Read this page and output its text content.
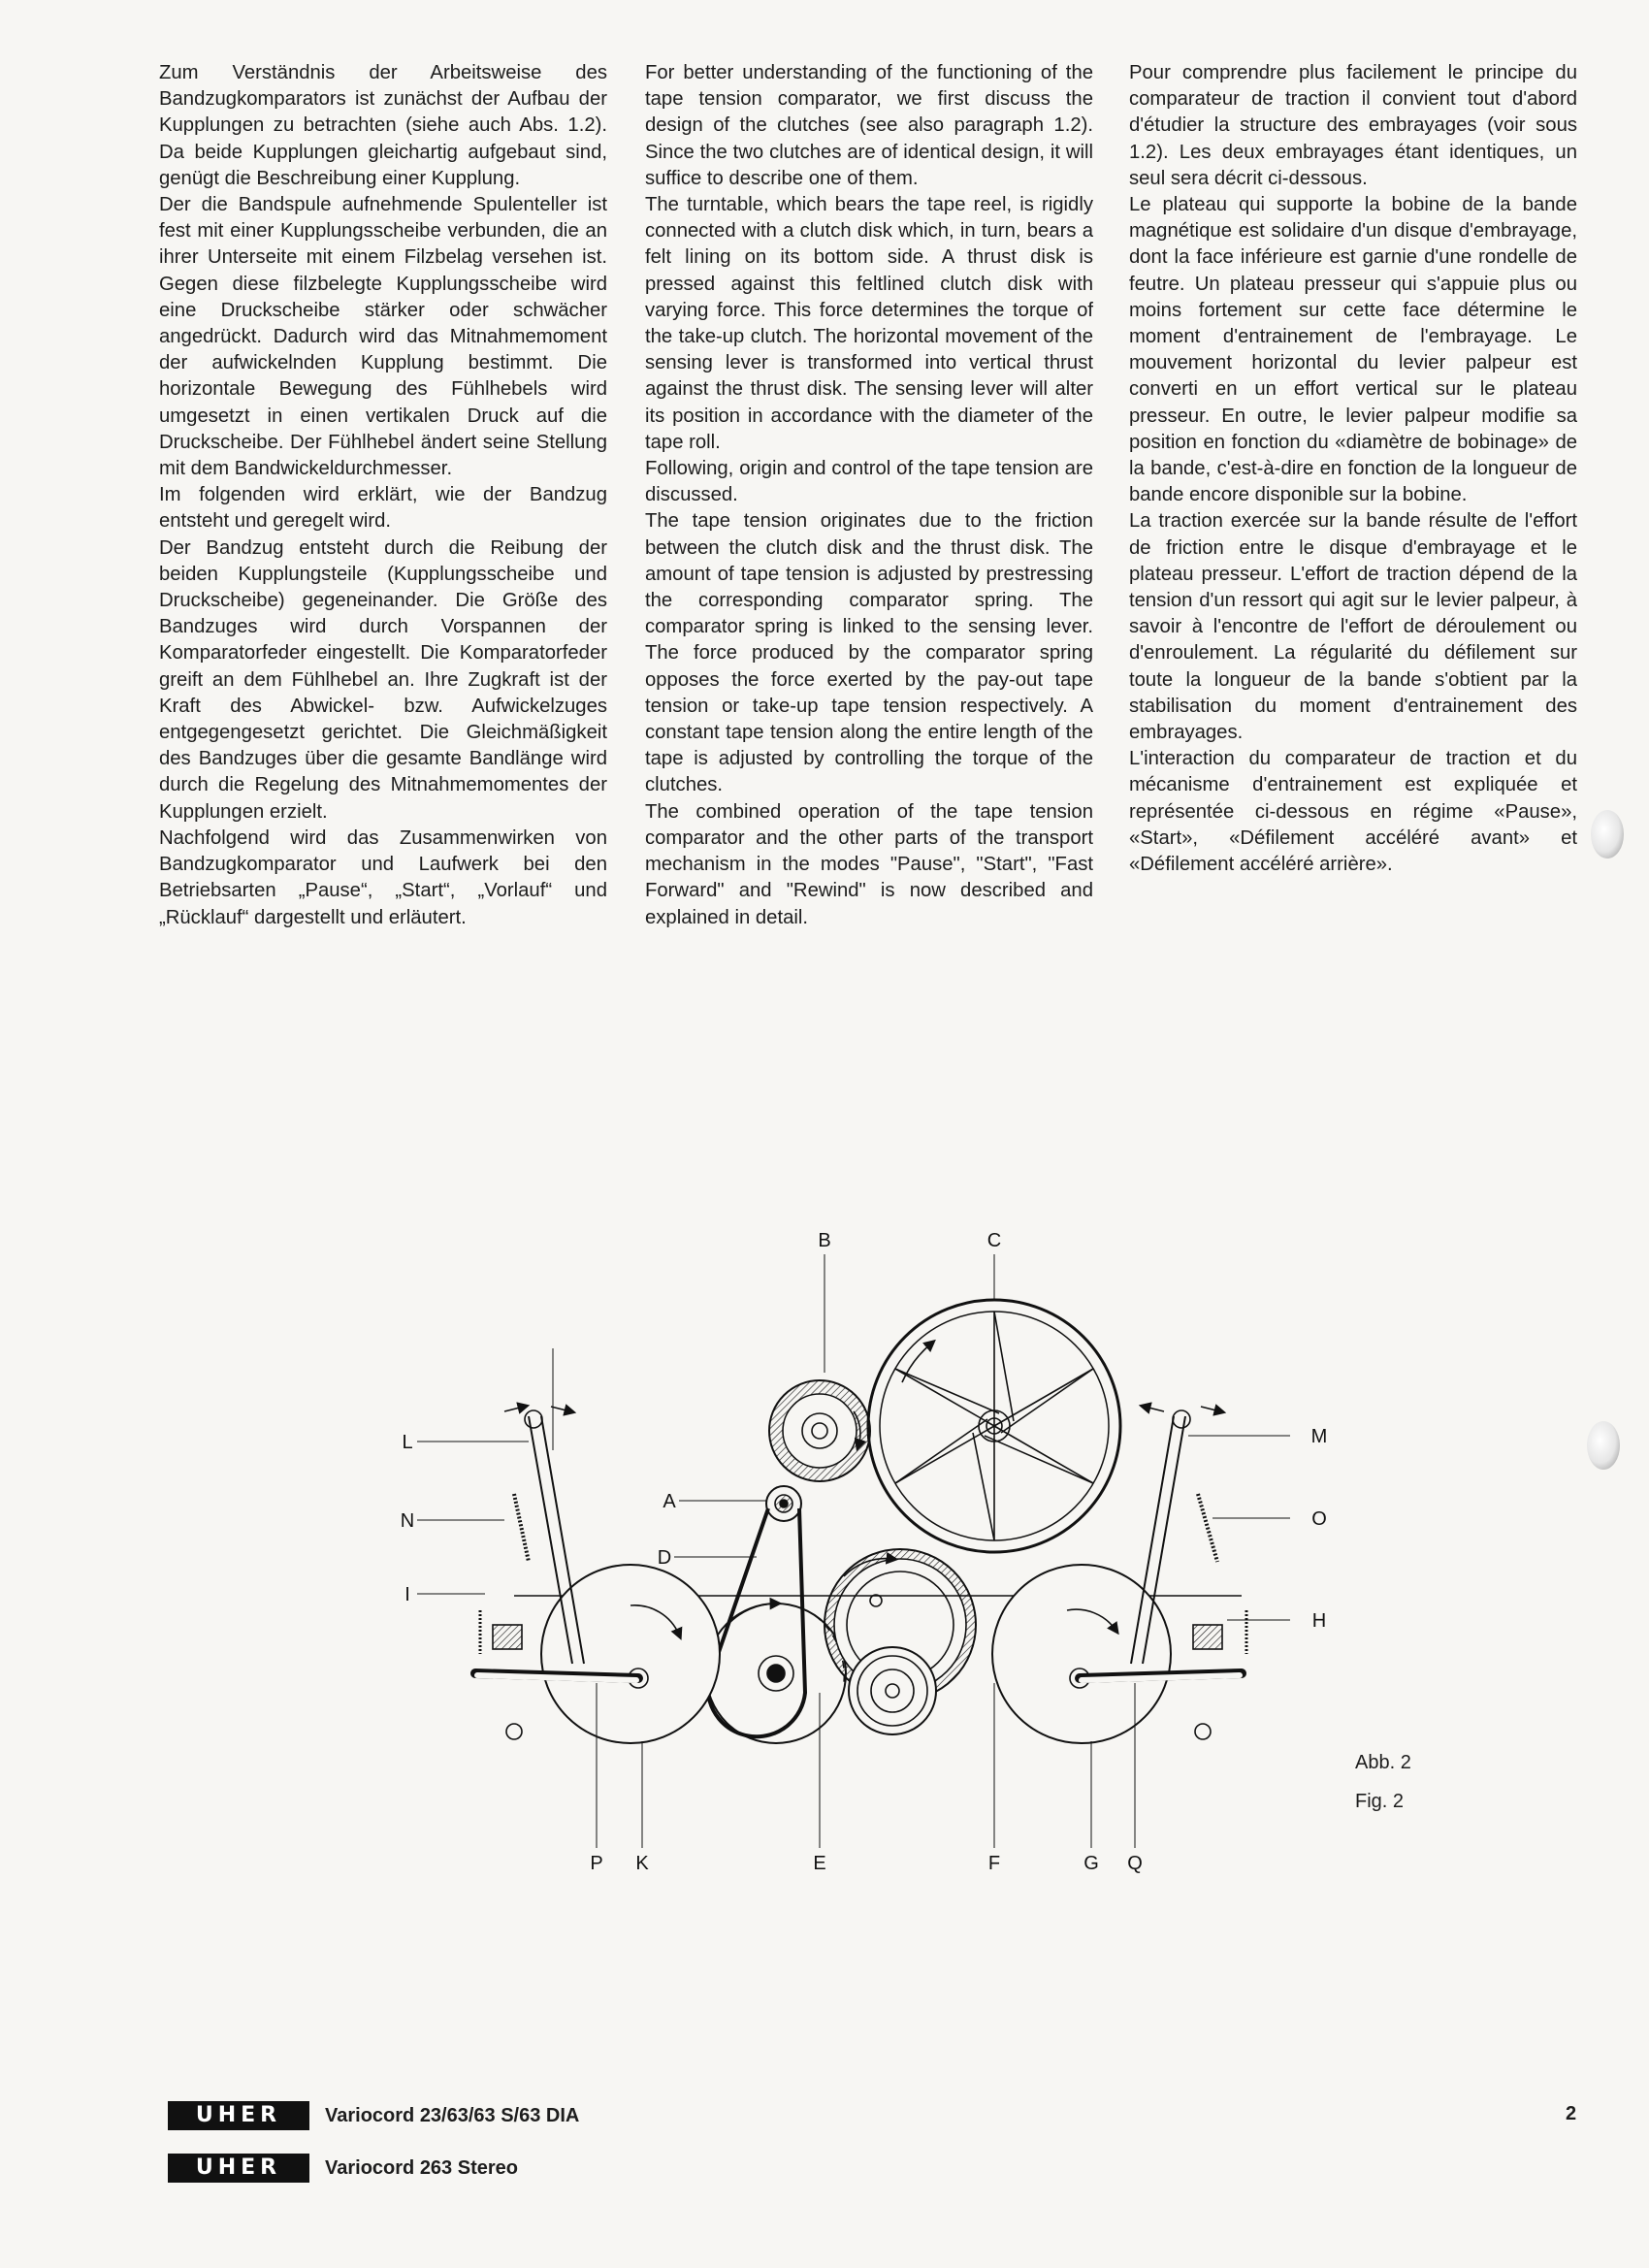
Zum Verständnis der Arbeitsweise des Bandzugkomparators ist zunächst der Aufbau der Kupplungen zu betrachten (siehe auch Abs. 1.2). Da beide Kupplungen gleichartig aufgebaut sind, genügt die Beschreibung einer Kupplung.

Der die Bandspule aufnehmende Spulenteller ist fest mit einer Kupplungsscheibe verbunden, die an ihrer Unterseite mit einem Filzbelag versehen ist. Gegen diese filzbelegte Kupplungsscheibe wird eine Druckscheibe stärker oder schwächer angedrückt. Dadurch wird das Mitnahmemoment der aufwickelnden Kupplung bestimmt. Die horizontale Bewegung des Fühlhebels wird umgesetzt in einen vertikalen Druck auf die Druckscheibe. Der Fühlhebel ändert seine Stellung mit dem Bandwickeldurchmesser.

Im folgenden wird erklärt, wie der Bandzug entsteht und geregelt wird.

Der Bandzug entsteht durch die Reibung der beiden Kupplungsteile (Kupplungsscheibe und Druckscheibe) gegeneinander. Die Größe des Bandzuges wird durch Vorspannen der Komparatorfeder eingestellt. Die Komparatorfeder greift an dem Fühlhebel an. Ihre Zugkraft ist der Kraft des Abwickel- bzw. Aufwickelzuges entgegengesetzt gerichtet. Die Gleichmäßigkeit des Bandzuges über die gesamte Bandlänge wird durch die Regelung des Mitnahmemomentes der Kupplungen erzielt.

Nachfolgend wird das Zusammenwirken von Bandzugkomparator und Laufwerk bei den Betriebsarten „Pause“, „Start“, „Vorlauf“ und „Rücklauf“ dargestellt und erläutert.

For better understanding of the functioning of the tape tension comparator, we first discuss the design of the clutches (see also paragraph 1.2). Since the two clutches are of identical design, it will suffice to describe one of them.

The turntable, which bears the tape reel, is rigidly connected with a clutch disk which, in turn, bears a felt lining on its bottom side. A thrust disk is pressed against this feltlined clutch disk with varying force. This force determines the torque of the take-up clutch. The horizontal movement of the sensing lever is transformed into vertical thrust against the thrust disk. The sensing lever will alter its position in accordance with the diameter of the tape roll.

Following, origin and control of the tape tension are discussed.

The tape tension originates due to the friction between the clutch disk and the thrust disk. The amount of tape tension is adjusted by prestressing the corresponding comparator spring. The comparator spring is linked to the sensing lever. The force produced by the comparator spring opposes the force exerted by the pay-out tape tension or take-up tape tension respectively. A constant tape tension along the entire length of the tape is adjusted by controlling the torque of the clutches.

The combined operation of the tape tension comparator and the other parts of the transport mechanism in the modes "Pause", "Start", "Fast Forward" and "Rewind" is now described and explained in detail.

Pour comprendre plus facilement le principe du comparateur de traction il convient tout d'abord d'étudier la structure des embrayages (voir sous 1.2). Les deux embrayages étant identiques, un seul sera décrit ci-dessous.

Le plateau qui supporte la bobine de la bande magnétique est solidaire d'un disque d'embrayage, dont la face inférieure est garnie d'une rondelle de feutre. Un plateau presseur qui s'appuie plus ou moins fortement sur cette face détermine le moment d'entrainement de l'embrayage. Le mouvement horizontal du levier palpeur est converti en un effort vertical sur le plateau presseur. En outre, le levier palpeur modifie sa position en fonction du «diamètre de bobinage» de la bande, c'est-à-dire en fonction de la longueur de bande encore disponible sur la bobine.

La traction exercée sur la bande résulte de l'effort de friction entre le disque d'embrayage et le plateau presseur. L'effort de traction dépend de la tension d'un ressort qui agit sur le levier palpeur, à savoir à l'encontre de l'effort de déroulement ou d'enroulement. La régularité du défilement sur toute la longueur de la bande s'obtient par la stabilisation du moment d'entrainement des embrayages.

L'interaction du comparateur de traction et du mécanisme d'entrainement est expliquée et représentée ci-dessous en régime «Pause», «Start», «Défilement accéléré avant» et «Défilement accéléré arrière».

B	C
L	M
N	O
I
H
A
D
P K	E	F	G Q
Abb. 2
Fig. 2
UHER	Variocord 23/63/63 S/63 DIA
UHER	Variocord 263 Stereo
2
